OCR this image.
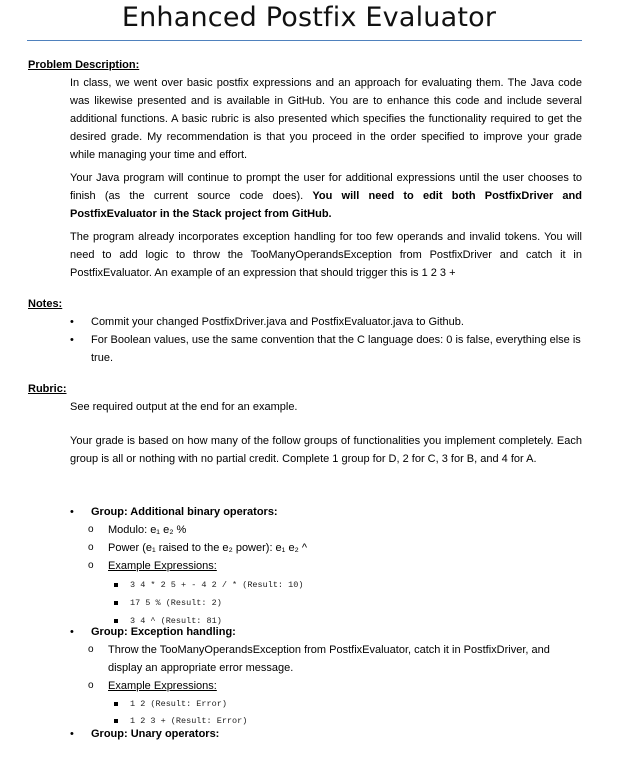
Enhanced Postfix Evaluator
Problem Description:
In class, we went over basic postfix expressions and an approach for evaluating them. The Java code was likewise presented and is available in GitHub. You are to enhance this code and include several additional functions. A basic rubric is also presented which specifies the functionality required to get the desired grade. My recommendation is that you proceed in the order specified to improve your grade while managing your time and effort.
Your Java program will continue to prompt the user for additional expressions until the user chooses to finish (as the current source code does). You will need to edit both PostfixDriver and PostfixEvaluator in the Stack project from GitHub.
The program already incorporates exception handling for too few operands and invalid tokens. You will need to add logic to throw the TooManyOperandsException from PostfixDriver and catch it in PostfixEvaluator. An example of an expression that should trigger this is 1 2 3 +
Notes:
• Commit your changed PostfixDriver.java and PostfixEvaluator.java to Github.
• For Boolean values, use the same convention that the C language does: 0 is false, everything else is true.
Rubric:
See required output at the end for an example.
Your grade is based on how many of the follow groups of functionalities you implement completely. Each group is all or nothing with no partial credit. Complete 1 group for D, 2 for C, 3 for B, and 4 for A.
• Group: Additional binary operators:
o Modulo: e₁ e₂ %
o Power (e₁ raised to the e₂ power): e₁ e₂ ^
o Example Expressions:
3 4 * 2 5 + - 4 2 / * (Result: 10)
17 5 % (Result: 2)
3 4 ^ (Result: 81)
• Group: Exception handling:
o Throw the TooManyOperandsException from PostfixEvaluator, catch it in PostfixDriver, and display an appropriate error message.
o Example Expressions:
1 2 (Result: Error)
1 2 3 + (Result: Error)
• Group: Unary operators:
